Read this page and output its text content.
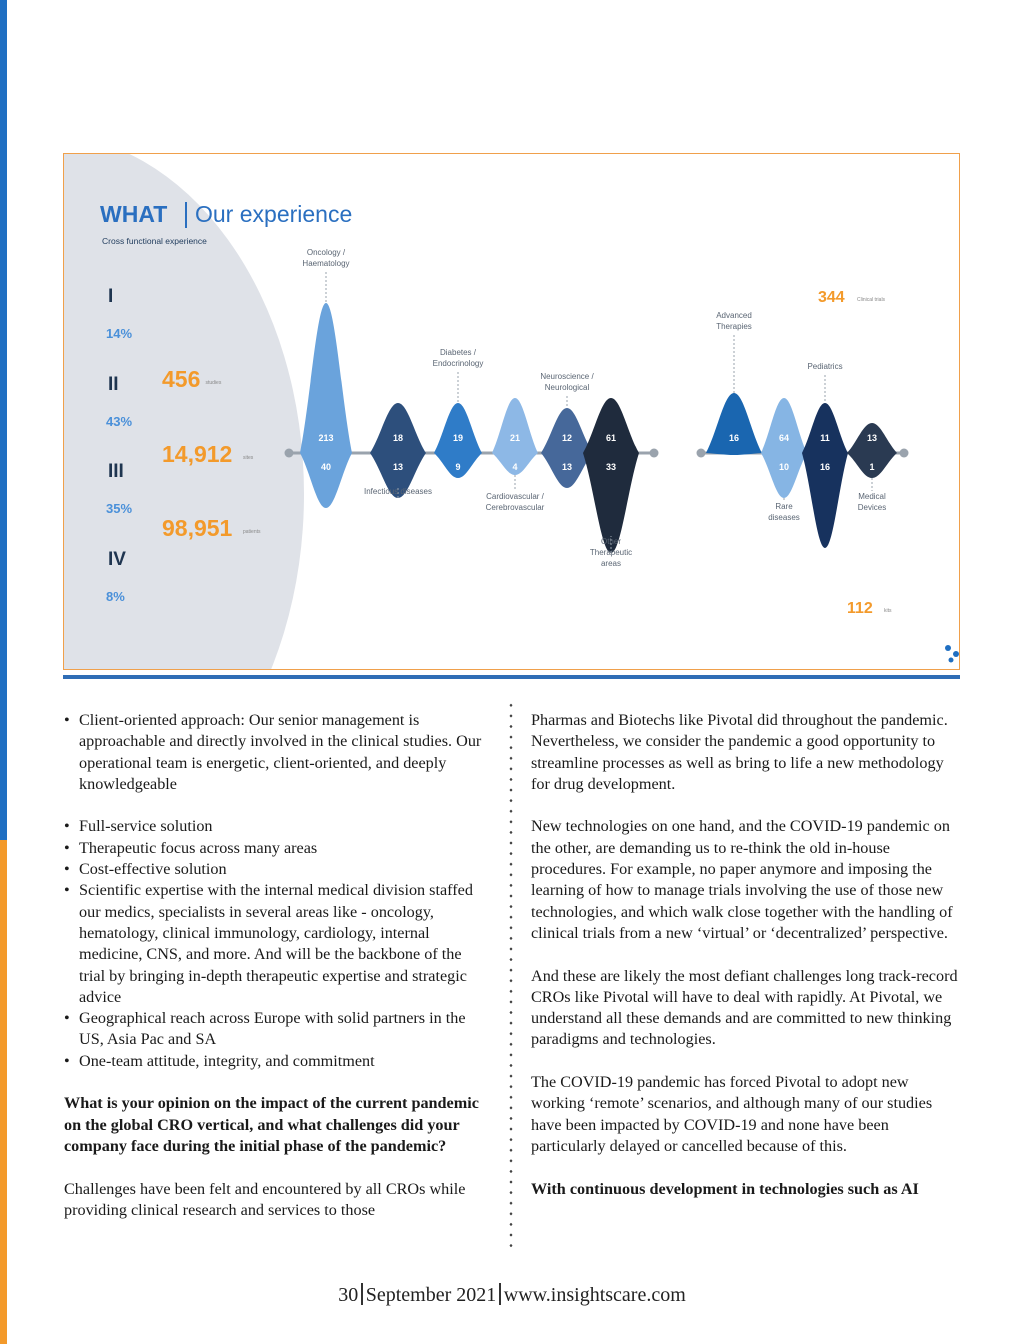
WHAT Our experience
Cross functional experience
I
14%
II
43%
III
35%
IV
8%
456 studies
14,912 sites
98,951 patients
213
40
Oncology /
Haematology
18
13
Infectious diseases
19
9
Diabetes /
Endocrinology
21
4
Cardiovascular /
Cerebrovascular
12
13
Neuroscience /
Neurological
61
33
Other
Therapeutic
areas
16
Advanced
Therapies
64
10
Rare
diseases
11
16
Pediatrics
13
1
Medical
Devices
344 Clinical trials
112 kits
• Client-oriented approach: Our senior management is approachable and directly involved in the clinical studies. Our operational team is energetic, client-oriented, and deeply knowledgeable
• Full-service solution
• Therapeutic focus across many areas
• Cost-effective solution
• Scientific expertise with the internal medical division staffed our medics, specialists in several areas like - oncology, hematology, clinical immunology, cardiology, internal medicine, CNS, and more. And will be the backbone of the trial by bringing in-depth therapeutic expertise and strategic advice
• Geographical reach across Europe with solid partners in the US, Asia Pac and SA
• One-team attitude, integrity, and commitment

What is your opinion on the impact of the current pandemic on the global CRO vertical, and what challenges did your company face during the initial phase of the pandemic?

Challenges have been felt and encountered by all CROs while providing clinical research and services to those

Pharmas and Biotechs like Pivotal did throughout the pandemic.

Nevertheless, we consider the pandemic a good opportunity to streamline processes as well as bring to life a new methodology for drug development.

New technologies on one hand, and the COVID-19 pandemic on the other, are demanding us to re-think the old in-house procedures. For example, no paper anymore and imposing the learning of how to manage trials involving the use of those new technologies, and which walk close together with the handling of clinical trials from a new ‘virtual’ or ‘decentralized’ perspective.

And these are likely the most defiant challenges long track-record CROs like Pivotal will have to deal with rapidly. At Pivotal, we understand all these demands and are committed to new thinking paradigms and technologies.

The COVID-19 pandemic has forced Pivotal to adopt new working ‘remote’ scenarios, and although many of our studies have been impacted by COVID-19 and none have been particularly delayed or cancelled because of this.

With continuous development in technologies such as AI

30 September 2021 www.insightscare.com
